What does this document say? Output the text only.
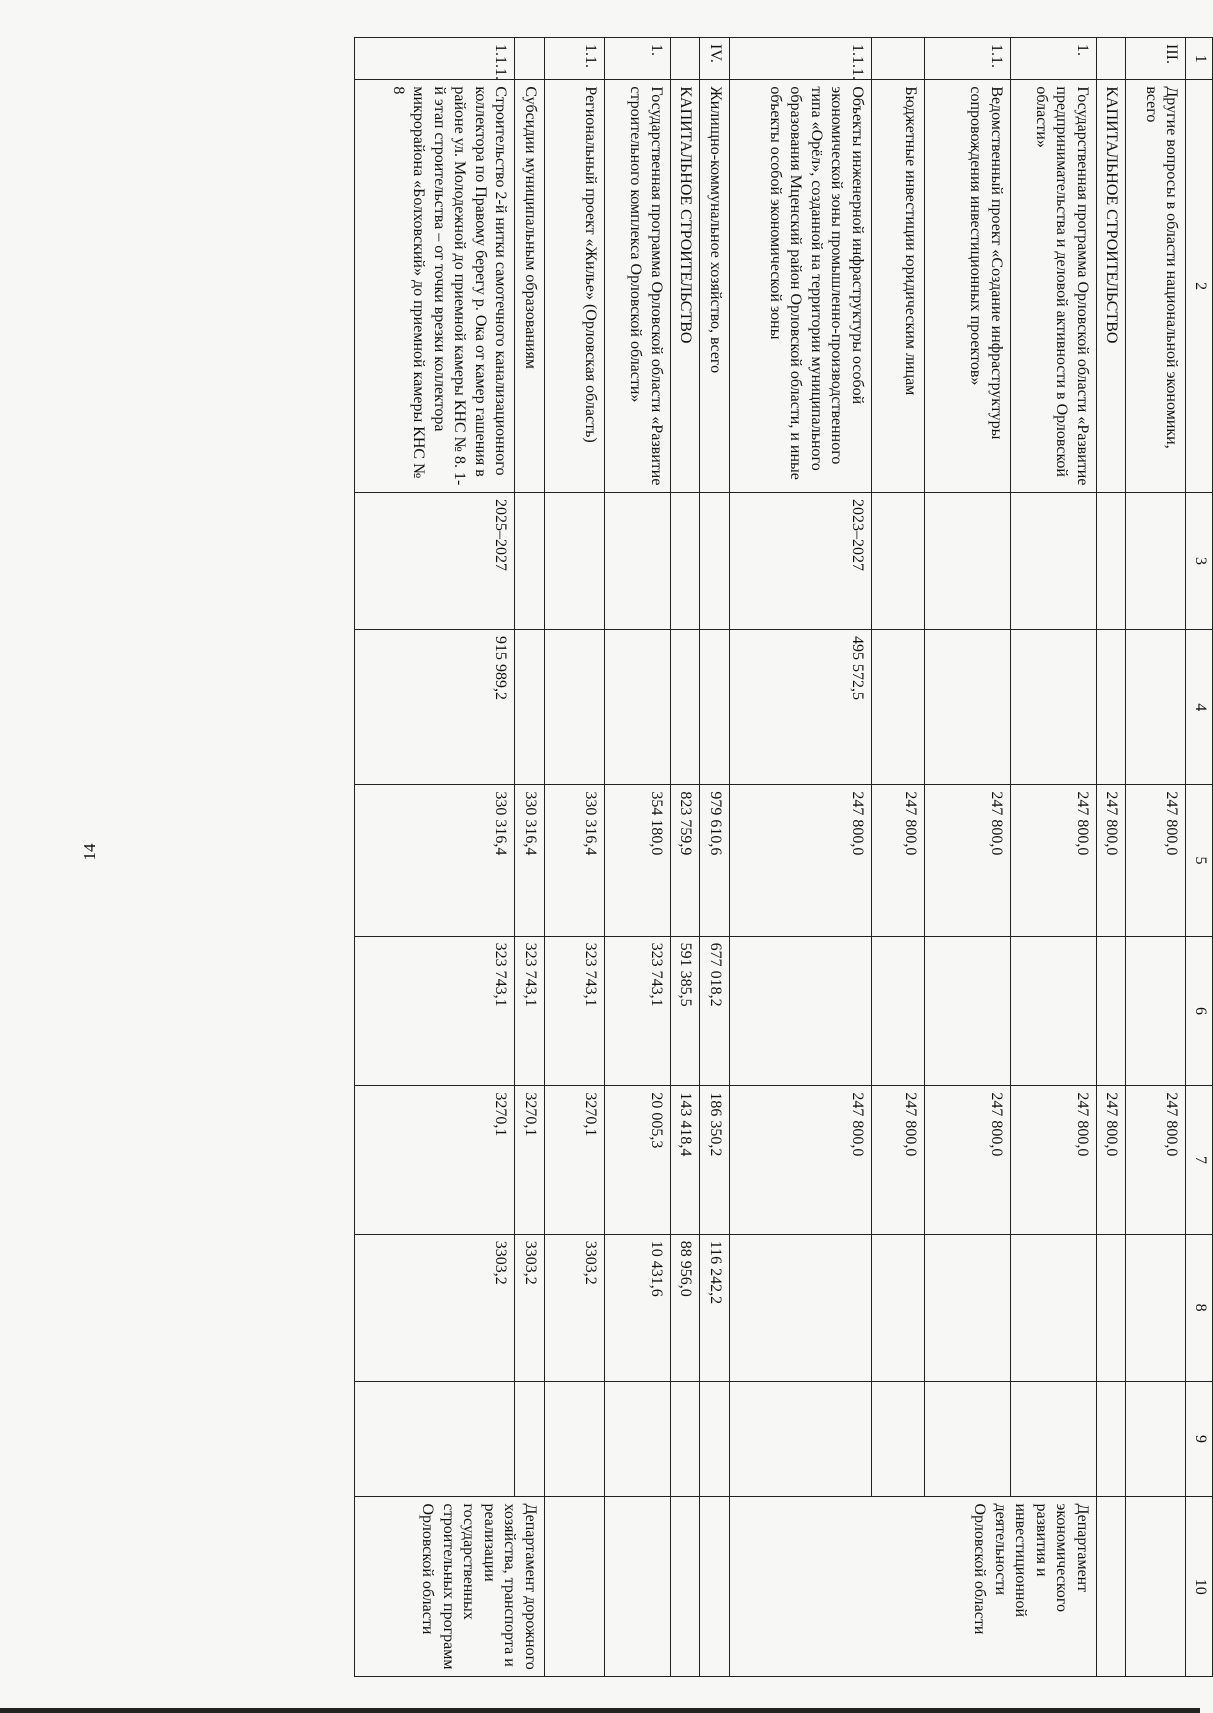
14
1	2	3	4	5	6	7	8	9	10
III.	Другие вопросы в области национальной экономики, всего			247 800,0		247 800,0			
	КАПИТАЛЬНОЕ СТРОИТЕЛЬСТВО			247 800,0		247 800,0			
1.	Государственная программа Орловской области «Развитие предпринимательства и деловой активности в Орловской области»			247 800,0		247 800,0			Департамент экономического развития и инвестиционной деятельности Орловской области
1.1.	Ведомственный проект «Создание инфраструктуры сопровождения инвестиционных проектов»			247 800,0		247 800,0			
	Бюджетные инвестиции юридическим лицам			247 800,0		247 800,0			
1.1.1.	Объекты инженерной инфраструктуры особой экономической зоны промышленно-производственного типа «Орёл», созданной на территории муниципального образования Мценский район Орловской области, и иные объекты особой экономической зоны	2023–2027	495 572,5	247 800,0		247 800,0			
IV.	Жилищно-коммунальное хозяйство, всего			979 610,6	677 018,2	186 350,2	116 242,2		
	КАПИТАЛЬНОЕ СТРОИТЕЛЬСТВО			823 759,9	591 385,5	143 418,4	88 956,0		
1.	Государственная программа Орловской области «Развитие строительного комплекса Орловской области»			354 180,0	323 743,1	20 005,3	10 431,6		
1.1.	Региональный проект «Жилье» (Орловская область)			330 316,4	323 743,1	3270,1	3303,2		
	Субсидии муниципальным образованиям			330 316,4	323 743,1	3270,1	3303,2		Департамент дорожного хозяйства, транспорта и реализации государственных строительных программ Орловской области
1.1.1.	Строительство 2-й нитки самотечного канализационного коллектора по Правому берегу р. Ока от камер гашения в районе ул. Молодежной до приемной камеры КНС № 8. 1-й этап строительства – от точки врезки коллектора микрорайона «Болховский» до приемной камеры КНС № 8	2025–2027	915 989,2	330 316,4	323 743,1	3270,1	3303,2		
